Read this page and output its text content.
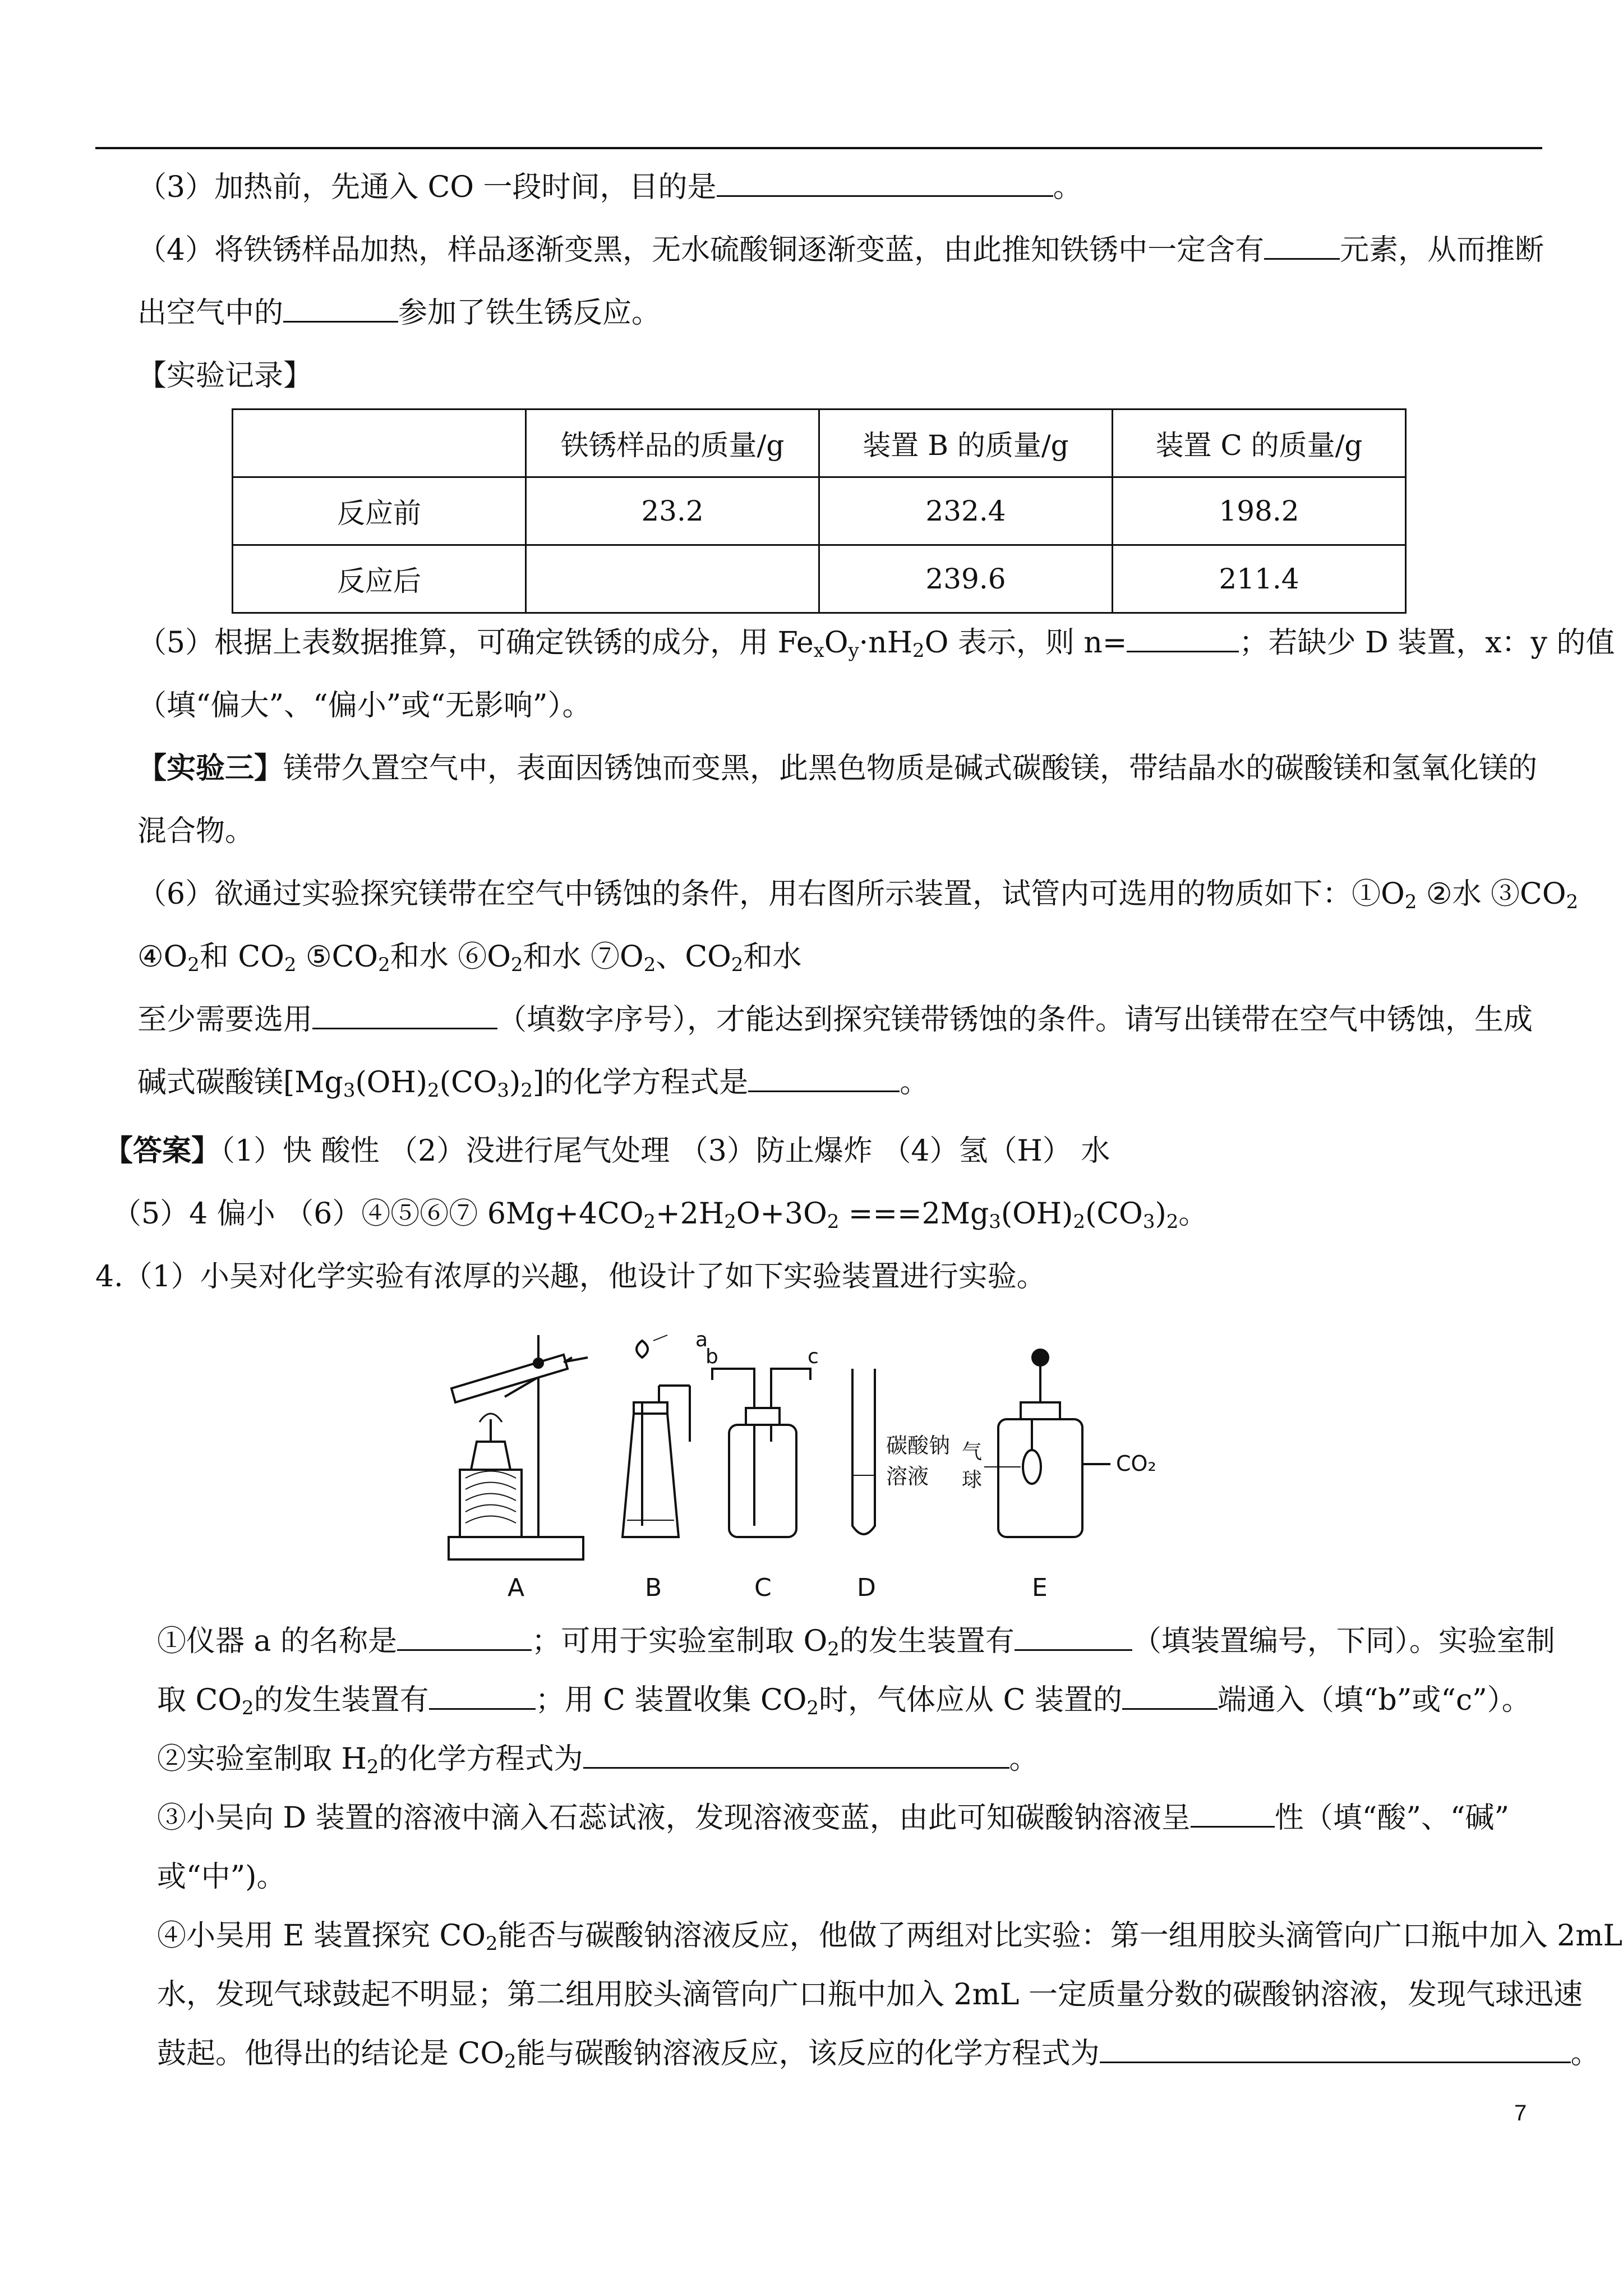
（3）加热前，先通入 CO 一段时间，目的是	。
（4）将铁锈样品加热，样品逐渐变黑，无水硫酸铜逐渐变蓝，由此推知铁锈中一定含有	元素，从而推断
出空气中的	参加了铁生锈反应。
【实验记录】
	铁锈样品的质量/g	装置 B 的质量/g	装置 C 的质量/g
反应前	23.2	232.4	198.2
反应后		239.6	211.4
（5）根据上表数据推算，可确定铁锈的成分，用 $Fe_xO_y\cdot nH_2O$ 表示，则 n=	；若缺少 D 装置，x：y 的值
（填“偏大”、“偏小”或“无影响”）。
【实验三】镁带久置空气中，表面因锈蚀而变黑，此黑色物质是碱式碳酸镁，带结晶水的碳酸镁和氢氧化镁的
混合物。
（6）欲通过实验探究镁带在空气中锈蚀的条件，用右图所示装置，试管内可选用的物质如下：$①O_2$ ②水 $③CO_2$
$④O_2$和 $CO_2$ $⑤CO_2$和水 $⑥O_2$和水 $⑦O_2$、$CO_2$和水
至少需要选用	（填数字序号），才能达到探究镁带锈蚀的条件。请写出镁带在空气中锈蚀，生成
碱式碳酸镁$[Mg_3(OH)_2(CO_3)_2]$的化学方程式是	。
【答案】（1）快 酸性 （2）没进行尾气处理 （3）防止爆炸 （4）氢（H） 水
（5）4 偏小 （6）④⑤⑥⑦ $6Mg+4CO_2+2H_2O+3O_2 ===2Mg_3(OH)_2(CO_3)_2$。
4.（1）小吴对化学实验有浓厚的兴趣，他设计了如下实验装置进行实验。
A	B	C	D	E
a
b	c
碳酸钠
溶液
气
球
CO₂
①仪器 a 的名称是	；可用于实验室制取 $O_2$的发生装置有	（填装置编号，下同）。实验室制
取 $CO_2$的发生装置有	；用 C 装置收集 $CO_2$时，气体应从 C 装置的	端通入（填“b”或“c”）。
②实验室制取 $H_2$的化学方程式为	。
③小吴向 D 装置的溶液中滴入石蕊试液，发现溶液变蓝，由此可知碳酸钠溶液呈	性（填“酸”、“碱”
或“中”)。
④小吴用 E 装置探究 $CO_2$能否与碳酸钠溶液反应，他做了两组对比实验：第一组用胶头滴管向广口瓶中加入 2mL
水，发现气球鼓起不明显；第二组用胶头滴管向广口瓶中加入 2mL 一定质量分数的碳酸钠溶液，发现气球迅速
鼓起。他得出的结论是 $CO_2$能与碳酸钠溶液反应，该反应的化学方程式为	。
7
